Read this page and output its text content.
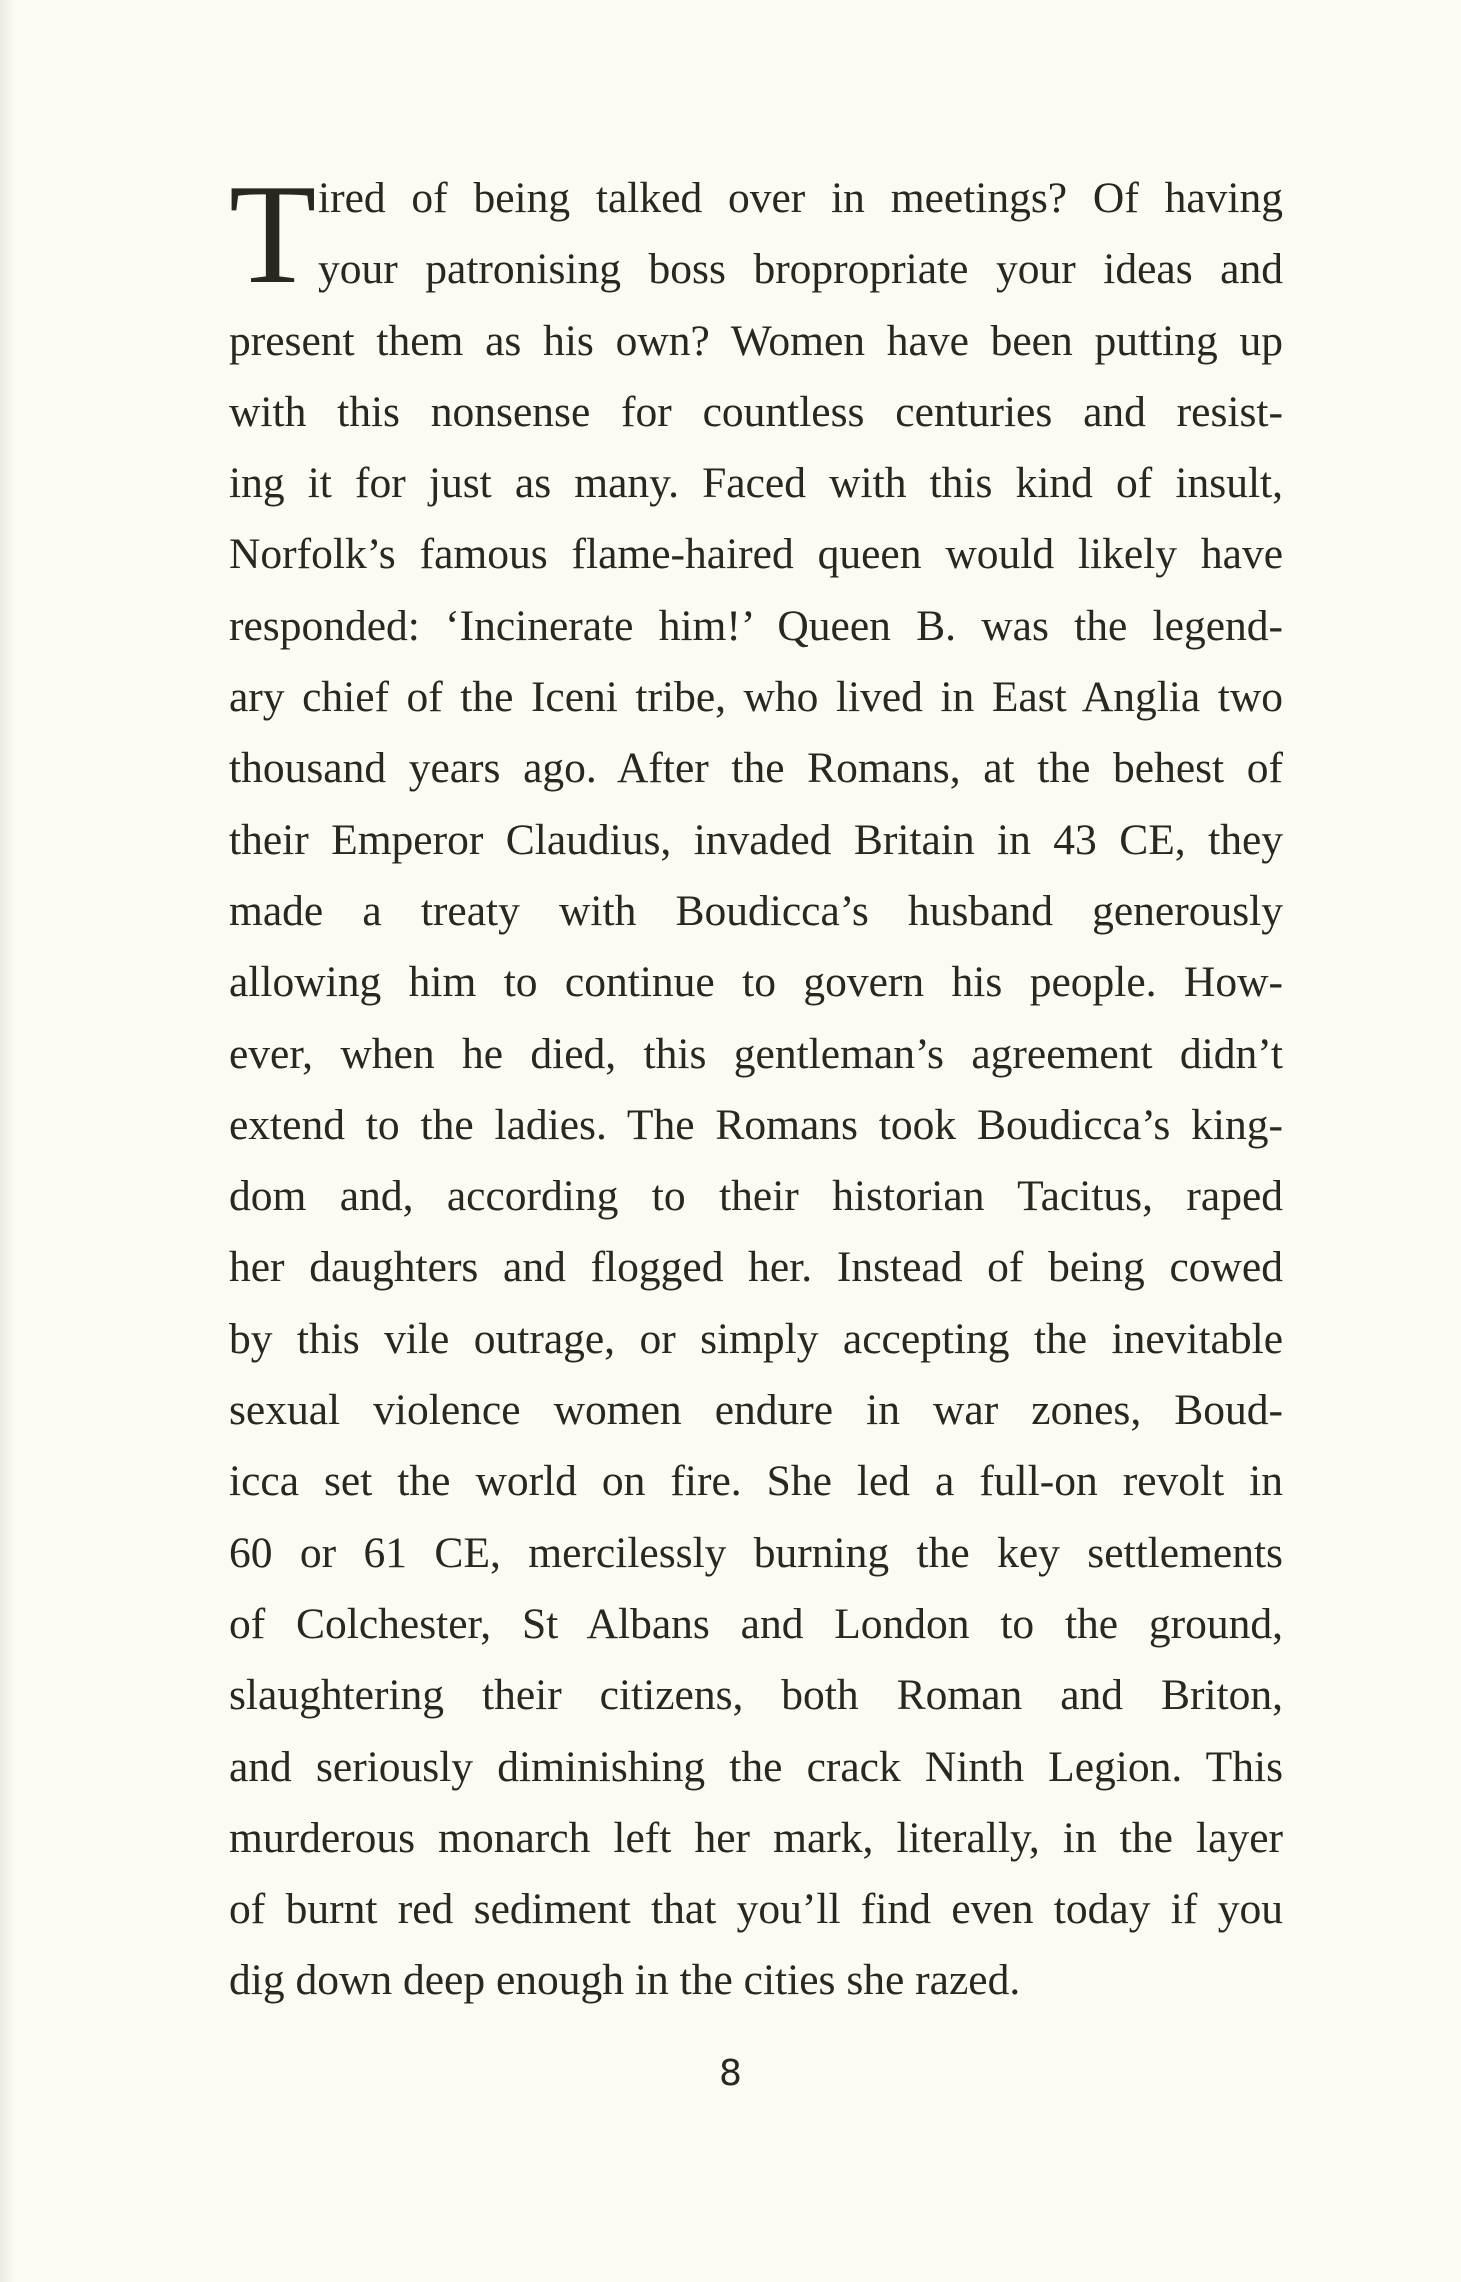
T ired of being talked over in meetings? Of having
your patronising boss bropropriate your ideas and
present them as his own? Women have been putting up
with this nonsense for countless centuries and resist-
ing it for just as many. Faced with this kind of insult,
Norfolk’s famous flame-haired queen would likely have
responded: ‘Incinerate him!’ Queen B. was the legend-
ary chief of the Iceni tribe, who lived in East Anglia two
thousand years ago. After the Romans, at the behest of
their Emperor Claudius, invaded Britain in 43 CE, they
made a treaty with Boudicca’s husband generously
allowing him to continue to govern his people. How-
ever, when he died, this gentleman’s agreement didn’t
extend to the ladies. The Romans took Boudicca’s king-
dom and, according to their historian Tacitus, raped
her daughters and flogged her. Instead of being cowed
by this vile outrage, or simply accepting the inevitable
sexual violence women endure in war zones, Boud-
icca set the world on fire. She led a full-on revolt in
60 or 61 CE, mercilessly burning the key settlements
of Colchester, St Albans and London to the ground,
slaughtering their citizens, both Roman and Briton,
and seriously diminishing the crack Ninth Legion. This
murderous monarch left her mark, literally, in the layer
of burnt red sediment that you’ll find even today if you
dig down deep enough in the cities she razed.
8
